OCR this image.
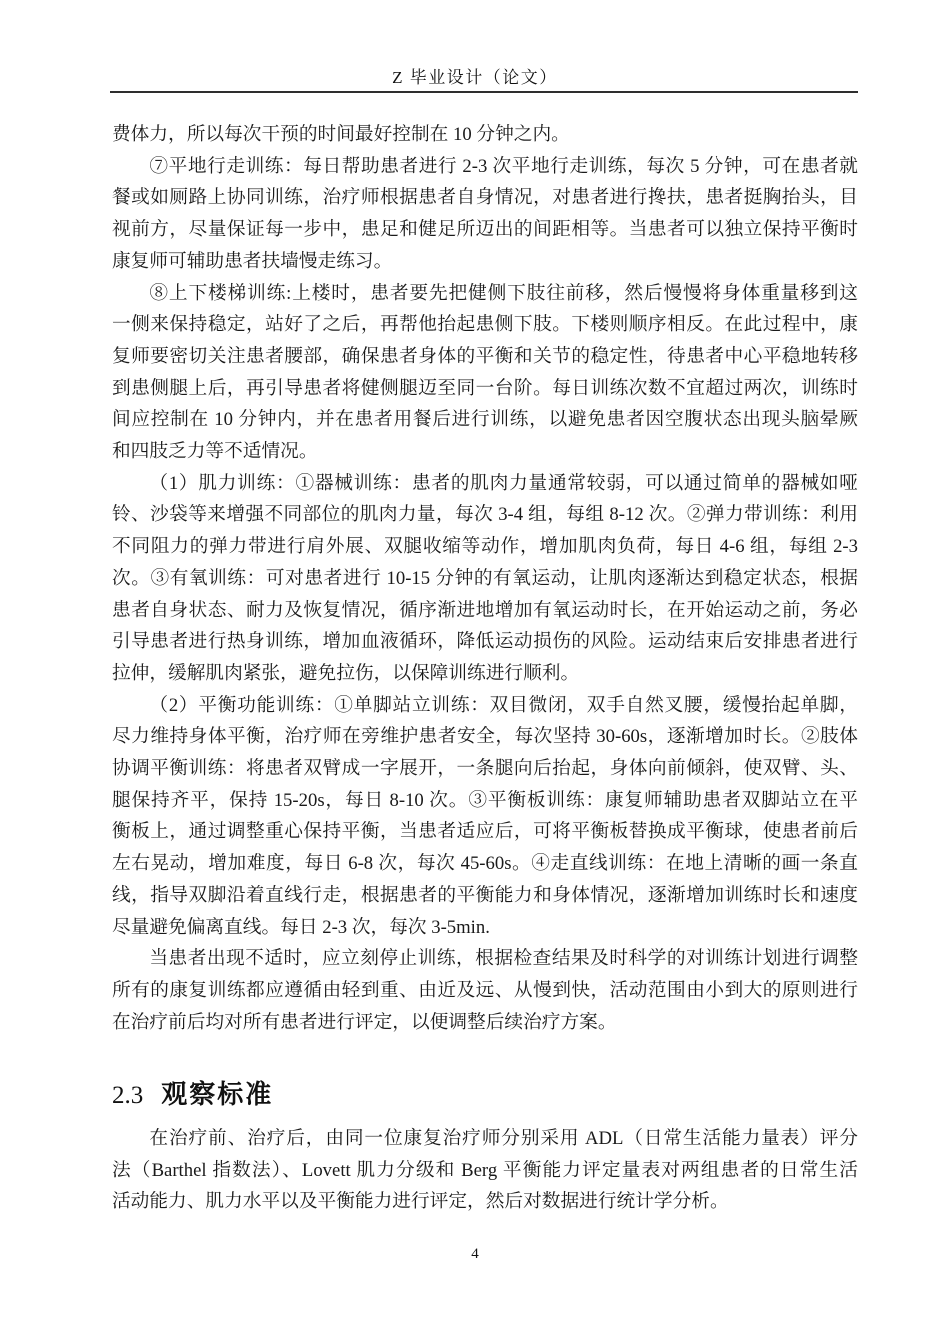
Z 毕业设计（论文）
费体力，所以每次干预的时间最好控制在 10 分钟之内。
⑦平地行走训练：每日帮助患者进行 2-3 次平地行走训练，每次 5 分钟，可在患者就
餐或如厕路上协同训练，治疗师根据患者自身情况，对患者进行搀扶，患者挺胸抬头，目
视前方，尽量保证每一步中，患足和健足所迈出的间距相等。当患者可以独立保持平衡时
康复师可辅助患者扶墙慢走练习。
⑧上下楼梯训练:上楼时，患者要先把健侧下肢往前移，然后慢慢将身体重量移到这
一侧来保持稳定，站好了之后，再帮他抬起患侧下肢。下楼则顺序相反。在此过程中，康
复师要密切关注患者腰部，确保患者身体的平衡和关节的稳定性，待患者中心平稳地转移
到患侧腿上后，再引导患者将健侧腿迈至同一台阶。每日训练次数不宜超过两次，训练时
间应控制在 10 分钟内，并在患者用餐后进行训练，以避免患者因空腹状态出现头脑晕厥
和四肢乏力等不适情况。
（1）肌力训练：①器械训练：患者的肌肉力量通常较弱，可以通过简单的器械如哑
铃、沙袋等来增强不同部位的肌肉力量，每次 3-4 组，每组 8-12 次。②弹力带训练：利用
不同阻力的弹力带进行肩外展、双腿收缩等动作，增加肌肉负荷，每日 4-6 组，每组 2-3
次。③有氧训练：可对患者进行 10-15 分钟的有氧运动，让肌肉逐渐达到稳定状态，根据
患者自身状态、耐力及恢复情况，循序渐进地增加有氧运动时长，在开始运动之前，务必
引导患者进行热身训练，增加血液循环，降低运动损伤的风险。运动结束后安排患者进行
拉伸，缓解肌肉紧张，避免拉伤，以保障训练进行顺利。
（2）平衡功能训练：①单脚站立训练：双目微闭，双手自然叉腰，缓慢抬起单脚，
尽力维持身体平衡，治疗师在旁维护患者安全，每次坚持 30-60s，逐渐增加时长。②肢体
协调平衡训练：将患者双臂成一字展开，一条腿向后抬起，身体向前倾斜，使双臂、头、
腿保持齐平，保持 15-20s，每日 8-10 次。③平衡板训练：康复师辅助患者双脚站立在平
衡板上，通过调整重心保持平衡，当患者适应后，可将平衡板替换成平衡球，使患者前后
左右晃动，增加难度，每日 6-8 次，每次 45-60s。④走直线训练：在地上清晰的画一条直
线，指导双脚沿着直线行走，根据患者的平衡能力和身体情况，逐渐增加训练时长和速度
尽量避免偏离直线。每日 2-3 次，每次 3-5min.
当患者出现不适时，应立刻停止训练，根据检查结果及时科学的对训练计划进行调整
所有的康复训练都应遵循由轻到重、由近及远、从慢到快，活动范围由小到大的原则进行
在治疗前后均对所有患者进行评定，以便调整后续治疗方案。
2.3 观察标准
在治疗前、治疗后，由同一位康复治疗师分别采用 ADL（日常生活能力量表）评分
法（Barthel 指数法）、Lovett 肌力分级和 Berg 平衡能力评定量表对两组患者的日常生活
活动能力、肌力水平以及平衡能力进行评定，然后对数据进行统计学分析。
4
